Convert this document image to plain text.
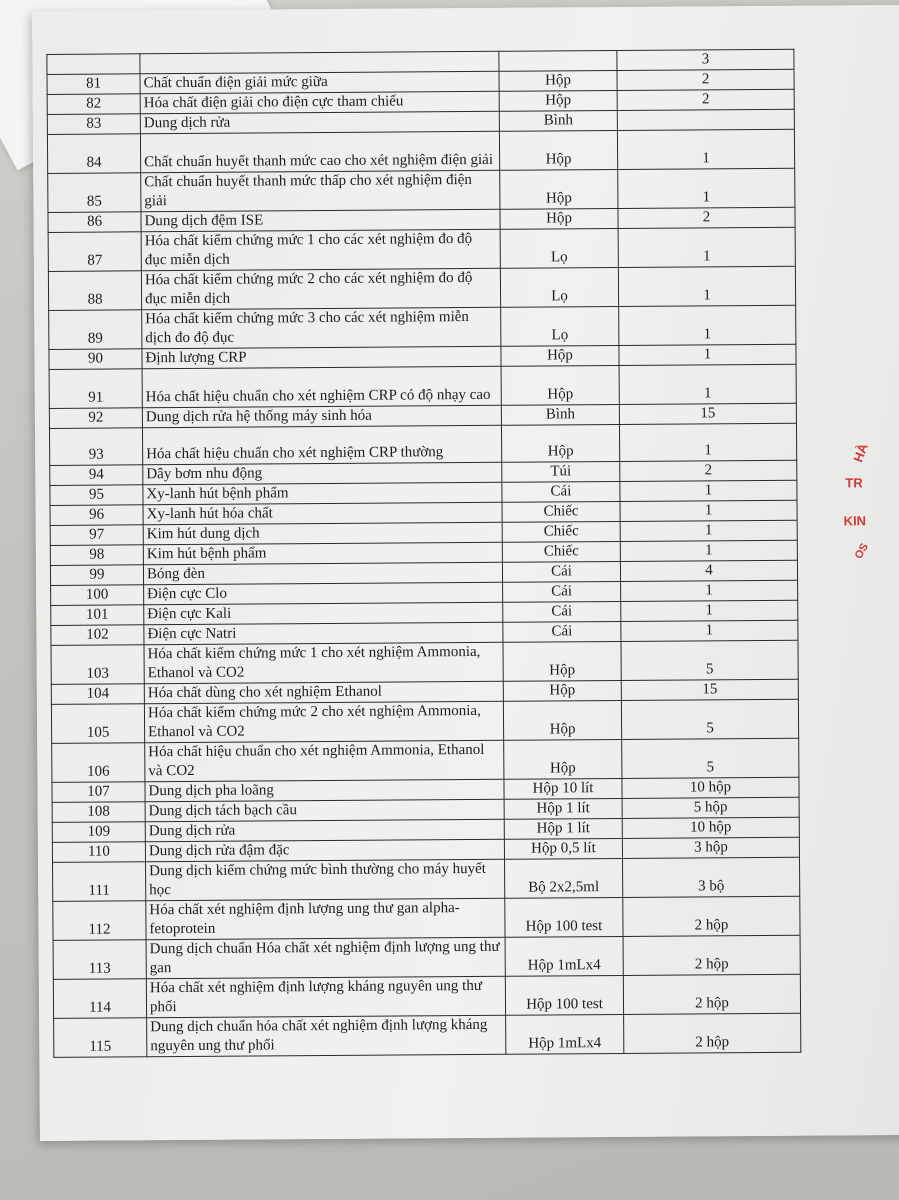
			3
81	Chất chuẩn điện giải mức giữa	Hộp	2
82	Hóa chất điện giải cho điện cực tham chiếu	Hộp	2
83	Dung dịch rửa	Bình	
84	Chất chuẩn huyết thanh mức cao cho xét nghiệm điện giải	Hộp	1
85	Chất chuẩn huyết thanh mức thấp cho xét nghiệm điện giải	Hộp	1
86	Dung dịch đệm ISE	Hộp	2
87	Hóa chất kiểm chứng mức 1 cho các xét nghiệm đo độ đục miễn dịch	Lọ	1
88	Hóa chất kiểm chứng mức 2 cho các xét nghiệm đo độ đục miễn dịch	Lọ	1
89	Hóa chất kiểm chứng mức 3 cho các xét nghiệm miễn dịch đo độ đục	Lọ	1
90	Định lượng CRP	Hộp	1
91	Hóa chất hiệu chuẩn cho xét nghiệm CRP có độ nhạy cao	Hộp	1
92	Dung dịch rửa hệ thống máy sinh hóa	Bình	15
93	Hóa chất hiệu chuẩn cho xét nghiệm CRP thường	Hộp	1
94	Dây bơm nhu động	Túi	2
95	Xy-lanh hút bệnh phẩm	Cái	1
96	Xy-lanh hút hóa chất	Chiếc	1
97	Kim hút dung dịch	Chiếc	1
98	Kim hút bệnh phẩm	Chiếc	1
99	Bóng đèn	Cái	4
100	Điện cực Clo	Cái	1
101	Điện cực Kali	Cái	1
102	Điện cực Natri	Cái	1
103	Hóa chất kiểm chứng mức 1 cho xét nghiệm Ammonia, Ethanol và CO2	Hộp	5
104	Hóa chất dùng cho xét nghiệm Ethanol	Hộp	15
105	Hóa chất kiểm chứng mức 2 cho xét nghiệm Ammonia, Ethanol và CO2	Hộp	5
106	Hóa chất hiệu chuẩn cho xét nghiệm Ammonia, Ethanol và CO2	Hộp	5
107	Dung dịch pha loãng	Hộp 10 lít	10 hộp
108	Dung dịch tách bạch cầu	Hộp 1 lít	5 hộp
109	Dung dịch rửa	Hộp 1 lít	10 hộp
110	Dung dịch rửa đậm đặc	Hộp 0,5 lít	3 hộp
111	Dung dịch kiểm chứng mức bình thường cho máy huyết học	Bộ 2x2,5ml	3 bộ
112	Hóa chất xét nghiệm định lượng ung thư gan alpha-fetoprotein	Hộp 100 test	2 hộp
113	Dung dịch chuẩn Hóa chất xét nghiệm định lượng ung thư gan	Hộp 1mLx4	2 hộp
114	Hóa chất xét nghiệm định lượng kháng nguyên ung thư phổi	Hộp 100 test	2 hộp
115	Dung dịch chuẩn hóa chất xét nghiệm định lượng kháng nguyên ung thư phổi	Hộp 1mLx4	2 hộp
HÀ
TR
KIN
OS
